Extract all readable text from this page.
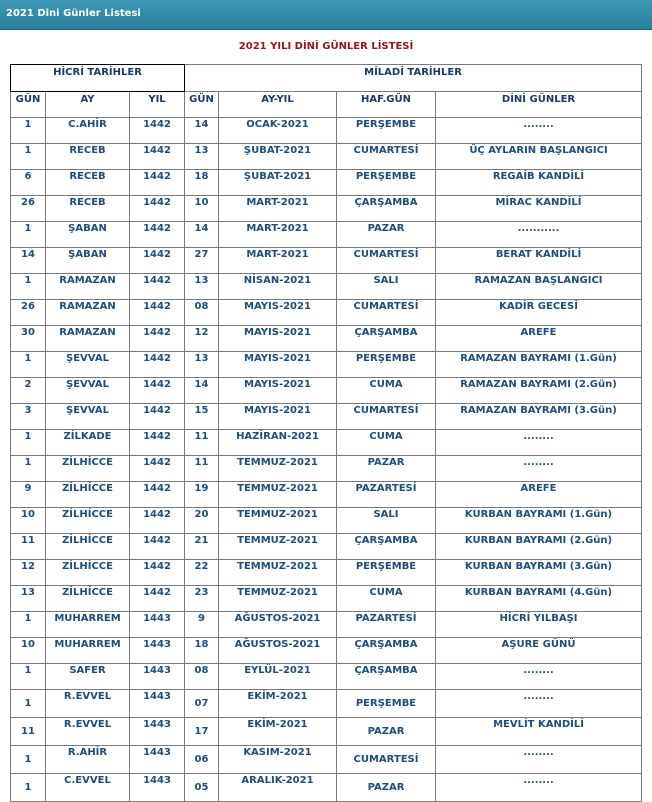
2021 Dini Günler Listesi
2021 YILI DİNİ GÜNLER LİSTESİ
HİCRİ TARİHLER			MİLADİ TARİHLER			
GÜN	AY	YIL	GÜN	AY-YIL	HAF.GÜN	DİNİ GÜNLER
1	C.AHİR	1442	14	OCAK-2021	PERŞEMBE	........
1	RECEB	1442	13	ŞUBAT-2021	CUMARTESİ	ÜÇ AYLARIN BAŞLANGICI
6	RECEB	1442	18	ŞUBAT-2021	PERŞEMBE	REGAİB KANDİLİ
26	RECEB	1442	10	MART-2021	ÇARŞAMBA	MİRAC KANDİLİ
1	ŞABAN	1442	14	MART-2021	PAZAR	...........
14	ŞABAN	1442	27	MART-2021	CUMARTESİ	BERAT KANDİLİ
1	RAMAZAN	1442	13	NİSAN-2021	SALI	RAMAZAN BAŞLANGICI
26	RAMAZAN	1442	08	MAYIS-2021	CUMARTESİ	KADİR GECESİ
30	RAMAZAN	1442	12	MAYIS-2021	ÇARŞAMBA	AREFE
1	ŞEVVAL	1442	13	MAYIS-2021	PERŞEMBE	RAMAZAN BAYRAMI (1.Gün)
2	ŞEVVAL	1442	14	MAYIS-2021	CUMA	RAMAZAN BAYRAMI (2.Gün)
3	ŞEVVAL	1442	15	MAYIS-2021	CUMARTESİ	RAMAZAN BAYRAMI (3.Gün)
1	ZİLKADE	1442	11	HAZİRAN-2021	CUMA	........
1	ZİLHİCCE	1442	11	TEMMUZ-2021	PAZAR	........
9	ZİLHİCCE	1442	19	TEMMUZ-2021	PAZARTESİ	AREFE
10	ZİLHİCCE	1442	20	TEMMUZ-2021	SALI	KURBAN BAYRAMI (1.Gün)
11	ZİLHİCCE	1442	21	TEMMUZ-2021	ÇARŞAMBA	KURBAN BAYRAMI (2.Gün)
12	ZİLHİCCE	1442	22	TEMMUZ-2021	PERŞEMBE	KURBAN BAYRAMI (3.Gün)
13	ZİLHİCCE	1442	23	TEMMUZ-2021	CUMA	KURBAN BAYRAMI (4.Gün)
1	MUHARREM	1443	9	AĞUSTOS-2021	PAZARTESİ	HİCRİ YILBAŞI
10	MUHARREM	1443	18	AĞUSTOS-2021	ÇARŞAMBA	AŞURE GÜNÜ
1	SAFER	1443	08	EYLÜL-2021	ÇARŞAMBA	........
1	R.EVVEL	1443	07	EKİM-2021	PERŞEMBE	........
11	R.EVVEL	1443	17	EKİM-2021	PAZAR	MEVLİT KANDİLİ
1	R.AHİR	1443	06	KASIM-2021	CUMARTESİ	........
1	C.EVVEL	1443	05	ARALIK-2021	PAZAR	........
